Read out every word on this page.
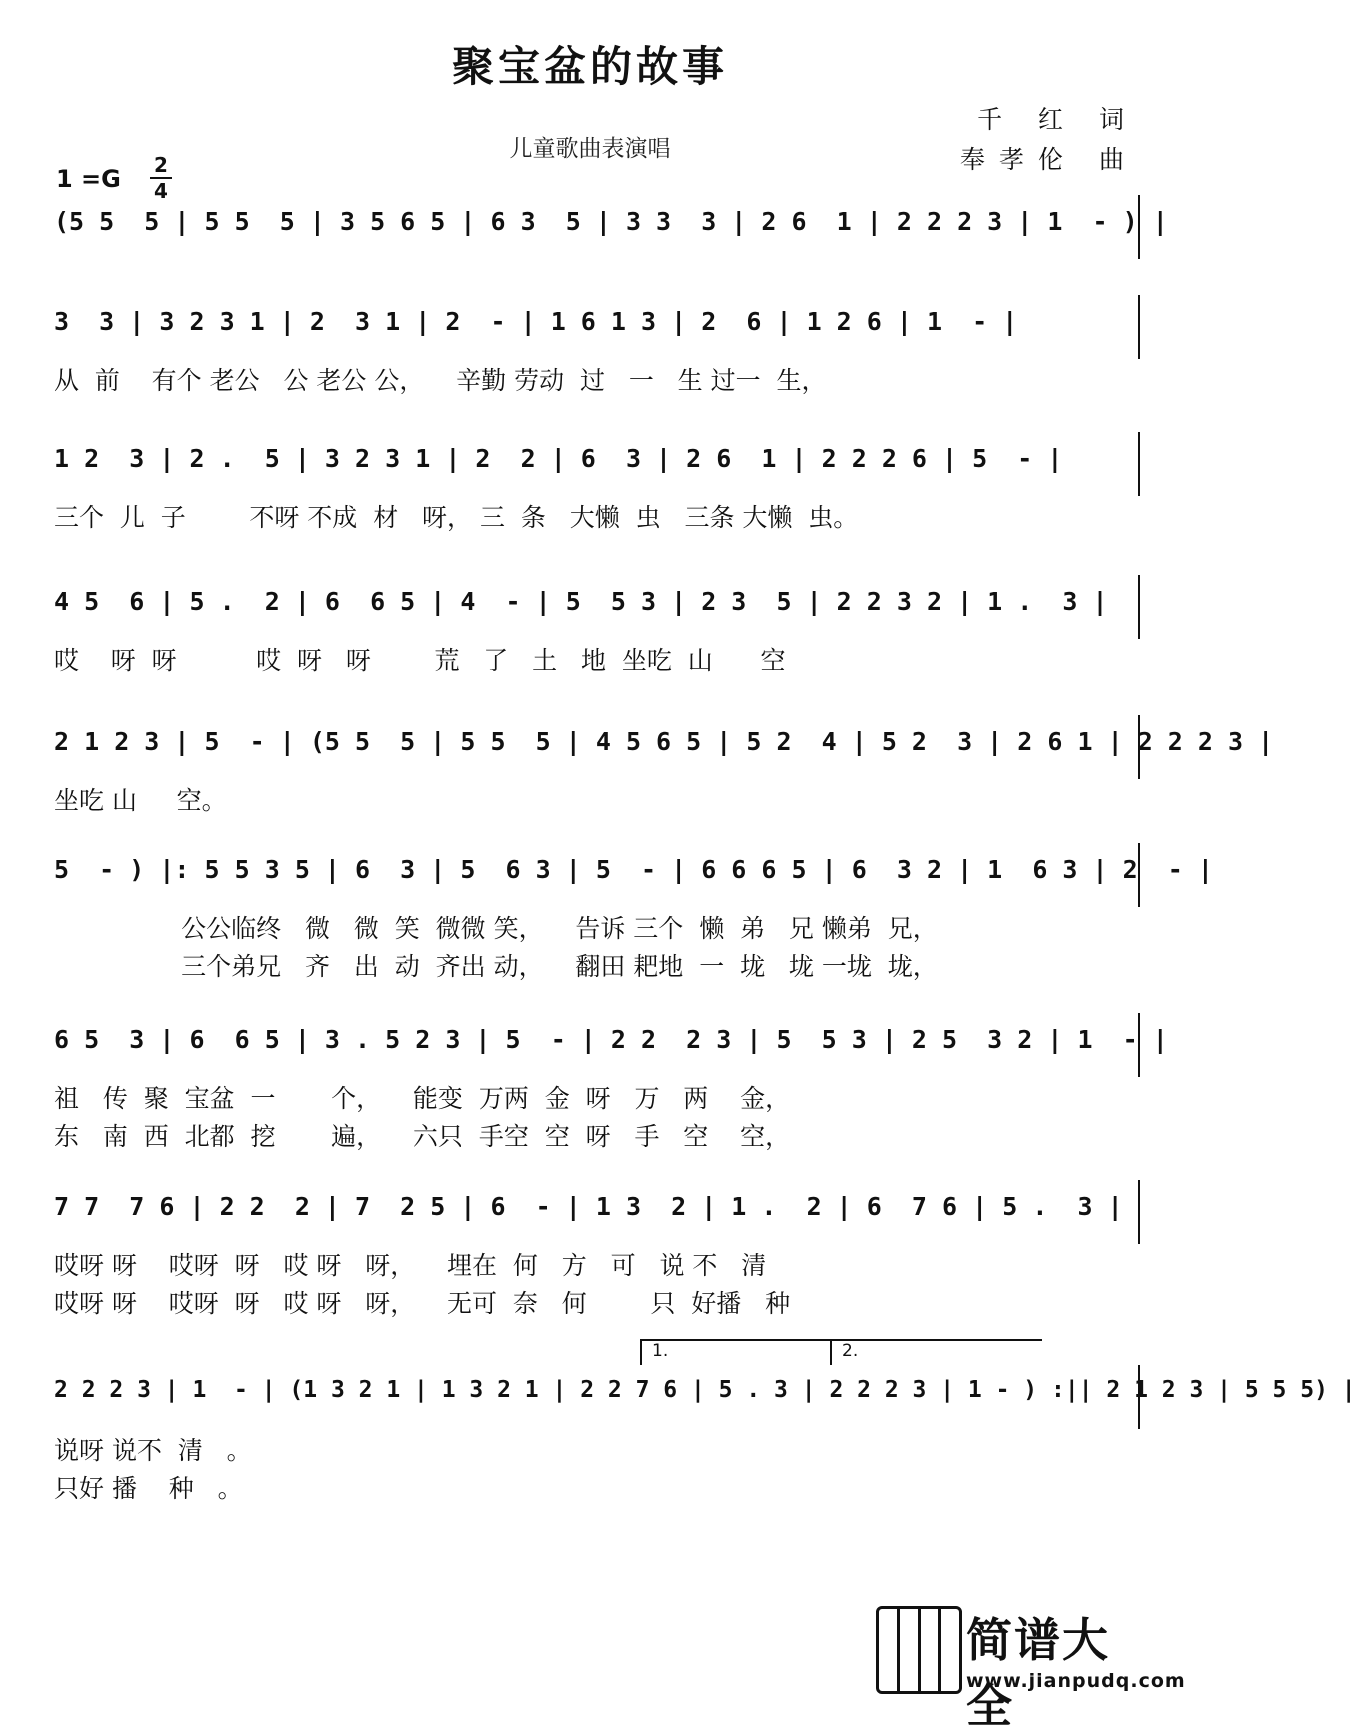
聚宝盆的故事
儿童歌曲表演唱
千 红 词
奉孝伦 曲
1 =G 2
4
(5 5  5 | 5 5  5 | 3 5 6 5 | 6 3  5 | 3 3  3 | 2 6  1 | 2 2 2 3 | 1  - ) |
3  3 | 3 2 3 1 | 2  3 1 | 2  - | 1 6 1 3 | 2  6 | 1 2 6 | 1  - |
从  前    有个 老公   公 老公 公，    辛勤 劳动  过   一   生 过一  生，
1 2  3 | 2 .  5 | 3 2 3 1 | 2  2 | 6  3 | 2 6  1 | 2 2 2 6 | 5  - |
三个  儿  子        不呀 不成  材   呀， 三  条   大懒  虫   三条 大懒  虫。
4 5  6 | 5 .  2 | 6  6 5 | 4  - | 5  5 3 | 2 3  5 | 2 2 3 2 | 1 .  3 |
哎    呀  呀          哎  呀   呀        荒   了   土   地  坐吃  山      空
2 1 2 3 | 5  - | (5 5  5 | 5 5  5 | 4 5 6 5 | 5 2  4 | 5 2  3 | 2 6 1 | 2 2 2 3 |
坐吃 山     空。
5  - ) |: 5 5 3 5 | 6  3 | 5  6 3 | 5  - | 6 6 6 5 | 6  3 2 | 1  6 3 | 2  - |
公公临终   微   微  笑  微微 笑，    告诉 三个  懒  弟   兄 懒弟  兄，
三个弟兄   齐   出  动  齐出 动，    翻田 耙地  一  垅   垅 一垅  垅，
6 5  3 | 6  6 5 | 3 . 5 2 3 | 5  - | 2 2  2 3 | 5  5 3 | 2 5  3 2 | 1  - |
祖   传  聚  宝盆  一       个，    能变  万两  金  呀   万   两    金，
东   南  西  北都  挖       遍，    六只  手空  空  呀   手   空    空，
7 7  7 6 | 2 2  2 | 7  2 5 | 6  - | 1 3  2 | 1 .  2 | 6  7 6 | 5 .  3 |
哎呀 呀    哎呀  呀   哎 呀   呀，    埋在  何   方   可   说 不   清
哎呀 呀    哎呀  呀   哎 呀   呀，    无可  奈   何        只  好播   种
1.	2.
2 2 2 3 | 1  - | (1 3 2 1 | 1 3 2 1 | 2 2 7 6 | 5 . 3 | 2 2 2 3 | 1 - ) :|| 2 1 2 3 | 5 5 5) |
说呀 说不  清   。
只好 播    种   。
简谱大全
www.jianpudq.com
